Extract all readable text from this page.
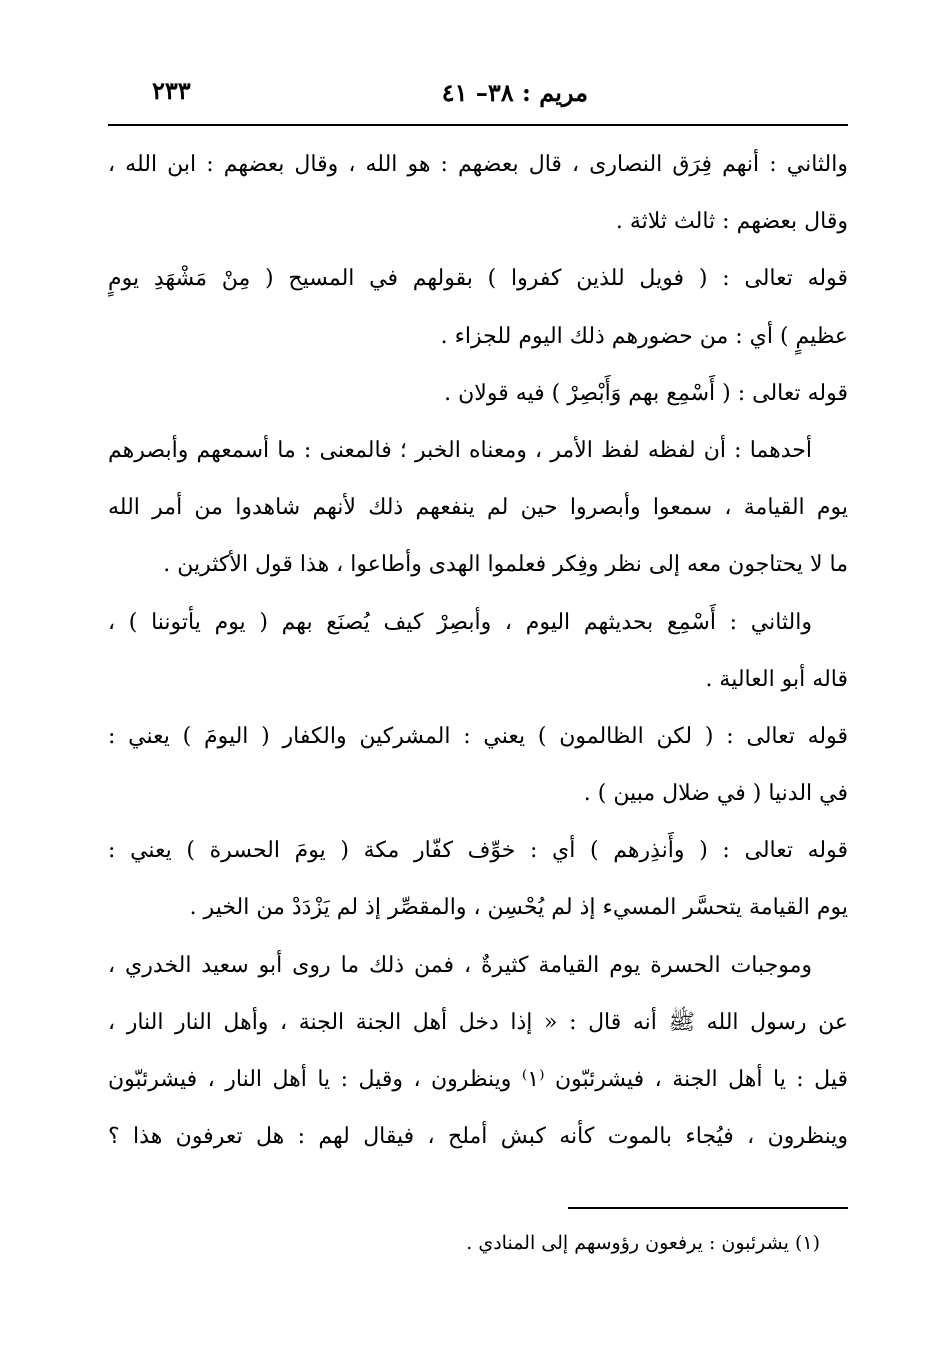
مريم : ٣٨– ٤١
٢٣٣
والثاني : أنهم فِرَق النصارى ، قال بعضهم : هو الله ، وقال بعضهم : ابن الله ،
وقال بعضهم : ثالث ثلاثة .
قوله تعالى : ( فويل للذين كفروا ) بقولهم في المسيح ( مِنْ مَشْهَدِ يومٍ
عظيمٍ ) أي : من حضورهم ذلك اليوم للجزاء .
قوله تعالى : ( أَسْمِع بهم وَأَبْصِرْ ) فيه قولان .
أحدهما : أن لفظه لفظ الأمر ، ومعناه الخبر ؛ فالمعنى : ما أسمعهم وأبصرهم
يوم القيامة ، سمعوا وأبصروا حين لم ينفعهم ذلك لأنهم شاهدوا من أمر الله
ما لا يحتاجون معه إلى نظر وفِكر فعلموا الهدى وأطاعوا ، هذا قول الأكثرين .
والثاني : أَسْمِع بحديثهم اليوم ، وأبصِرْ كيف يُصنَع بهم ( يوم يأتوننا ) ،
قاله أبو العالية .
قوله تعالى : ( لكن الظالمون ) يعني : المشركين والكفار ( اليومَ ) يعني :
في الدنيا ( في ضلال مبين ) .
قوله تعالى : ( وأَنذِرهم ) أي : خوِّف كفّار مكة ( يومَ الحسرة ) يعني :
يوم القيامة يتحسَّر المسيء إذ لم يُحْسِن ، والمقصِّر إذ لم يَزْدَدْ من الخير .
وموجبات الحسرة يوم القيامة كثيرةٌ ، فمن ذلك ما روى أبو سعيد الخدري ،
عن رسول الله ﷺ أنه قال : « إذا دخل أهل الجنة الجنة ، وأهل النار النار ،
قيل : يا أهل الجنة ، فيشرئبّون ⁽١⁾ وينظرون ، وقيل : يا أهل النار ، فيشرئبّون
وينظرون ، فيُجاء بالموت كأنه كبش أملح ، فيقال لهم : هل تعرفون هذا ؟
(١) يشرئبون : يرفعون رؤوسهم إلى المنادي .
